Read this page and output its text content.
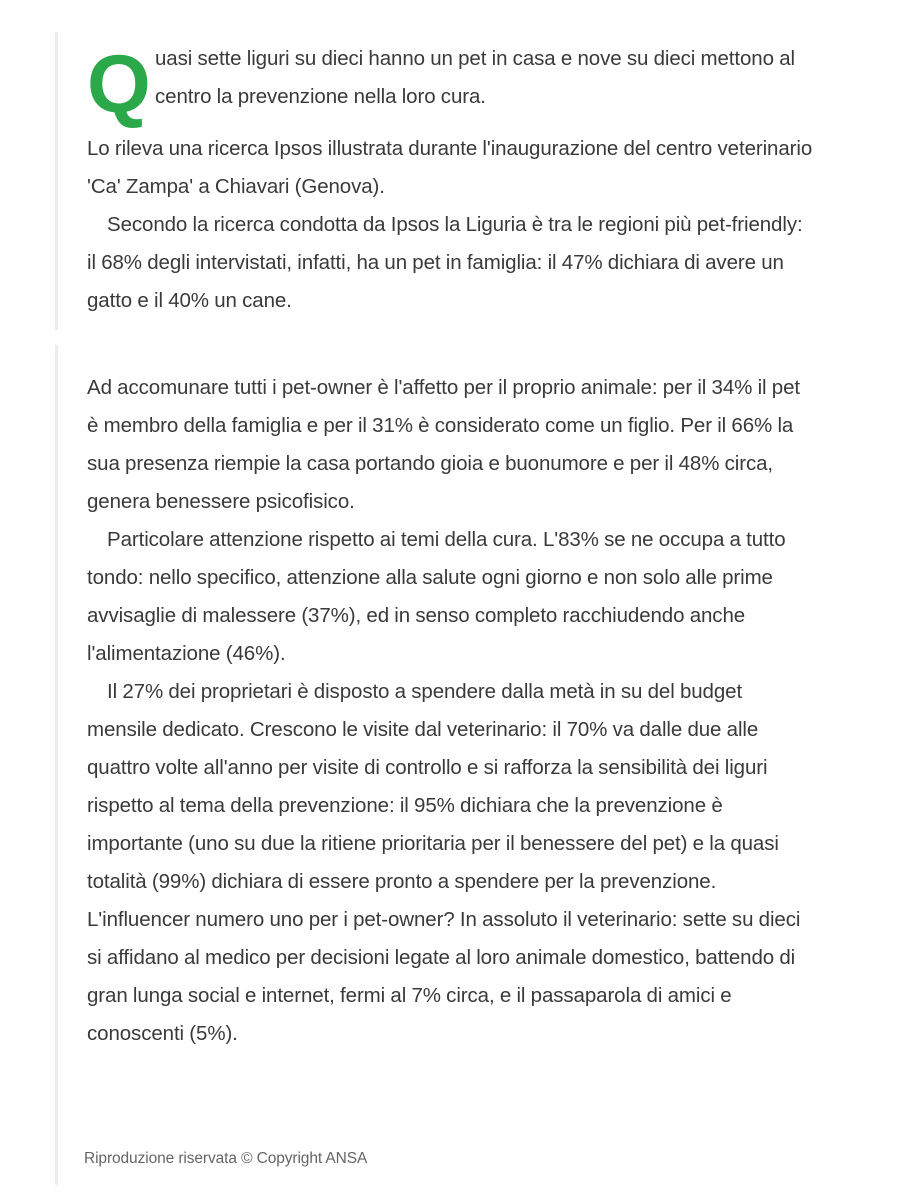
Q uasi sette liguri su dieci hanno un pet in casa e nove su dieci mettono al centro la prevenzione nella loro cura.

Lo rileva una ricerca Ipsos illustrata durante l'inaugurazione del centro veterinario 'Ca' Zampa' a Chiavari (Genova).

Secondo la ricerca condotta da Ipsos la Liguria è tra le regioni più pet-friendly: il 68% degli intervistati, infatti, ha un pet in famiglia: il 47% dichiara di avere un gatto e il 40% un cane.

Ad accomunare tutti i pet-owner è l'affetto per il proprio animale: per il 34% il pet è membro della famiglia e per il 31% è considerato come un figlio. Per il 66% la sua presenza riempie la casa portando gioia e buonumore e per il 48% circa, genera benessere psicofisico.

Particolare attenzione rispetto ai temi della cura. L'83% se ne occupa a tutto tondo: nello specifico, attenzione alla salute ogni giorno e non solo alle prime avvisaglie di malessere (37%), ed in senso completo racchiudendo anche l'alimentazione (46%).

Il 27% dei proprietari è disposto a spendere dalla metà in su del budget mensile dedicato. Crescono le visite dal veterinario: il 70% va dalle due alle quattro volte all'anno per visite di controllo e si rafforza la sensibilità dei liguri rispetto al tema della prevenzione: il 95% dichiara che la prevenzione è importante (uno su due la ritiene prioritaria per il benessere del pet) e la quasi totalità (99%) dichiara di essere pronto a spendere per la prevenzione. L'influencer numero uno per i pet-owner? In assoluto il veterinario: sette su dieci si affidano al medico per decisioni legate al loro animale domestico, battendo di gran lunga social e internet, fermi al 7% circa, e il passaparola di amici e conoscenti (5%).

Riproduzione riservata © Copyright ANSA
